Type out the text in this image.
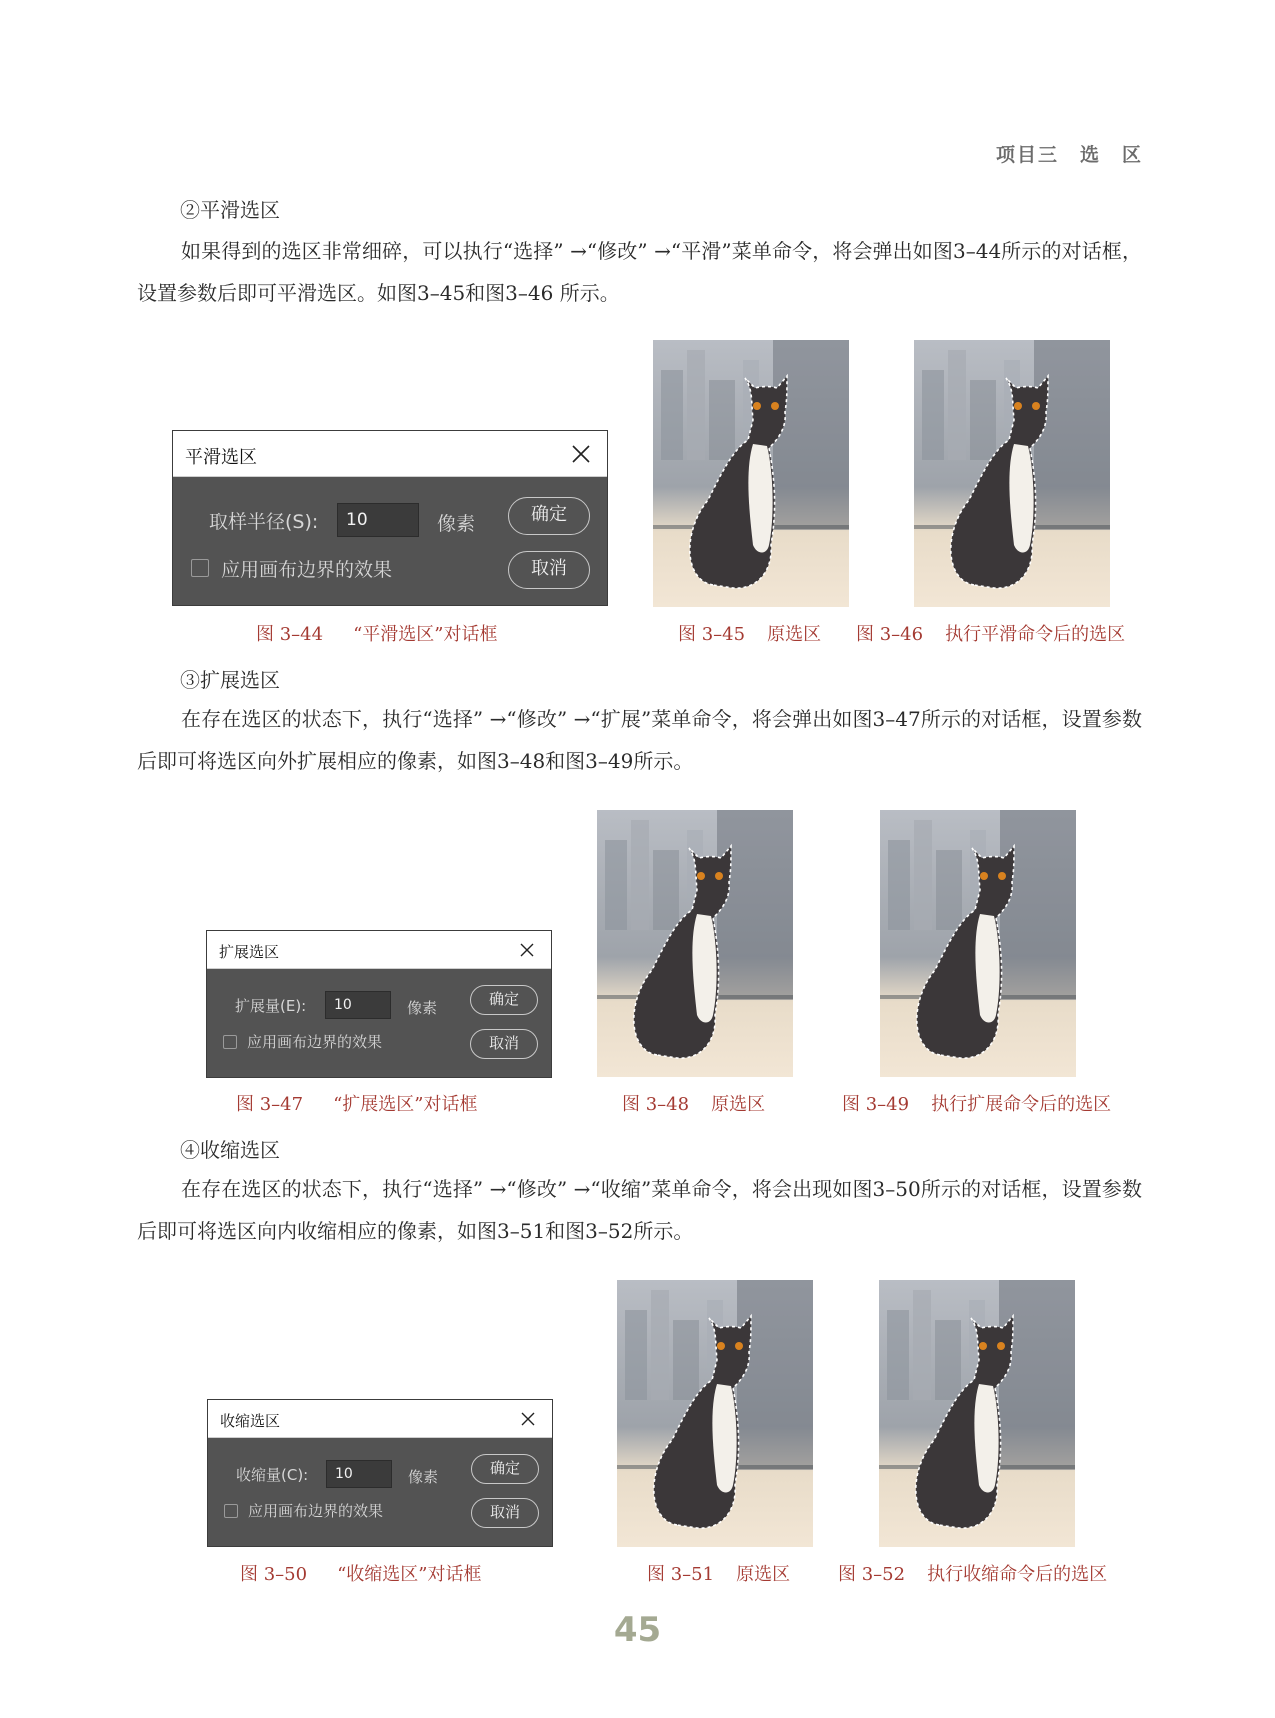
项目三　选　区
②平滑选区

如果得到的选区非常细碎，可以执行“选择” →“修改” →“平滑”菜单命令，将会弹出如图3–44所示的对话框，设置参数后即可平滑选区。如图3–45和图3–46 所示。

平滑选区
取样半径(S):	10	像素	确定
应用画布边界的效果	取消
图 3–44 “平滑选区”对话框	图 3–45 原选区 图 3–46 执行平滑命令后的选区
③扩展选区

在存在选区的状态下，执行“选择” →“修改” →“扩展”菜单命令，将会弹出如图3–47所示的对话框，设置参数后即可将选区向外扩展相应的像素，如图3–48和图3–49所示。

扩展选区
扩展量(E):	10	像素	确定
应用画布边界的效果	取消
图 3–47 “扩展选区”对话框	图 3–48 原选区	图 3–49 执行扩展命令后的选区
④收缩选区

在存在选区的状态下，执行“选择” →“修改” →“收缩”菜单命令，将会出现如图3–50所示的对话框，设置参数后即可将选区向内收缩相应的像素，如图3–51和图3–52所示。

收缩选区
收缩量(C):	10	像素	确定
应用画布边界的效果	取消
图 3–50 “收缩选区”对话框	图 3–51 原选区	图 3–52 执行收缩命令后的选区
45
